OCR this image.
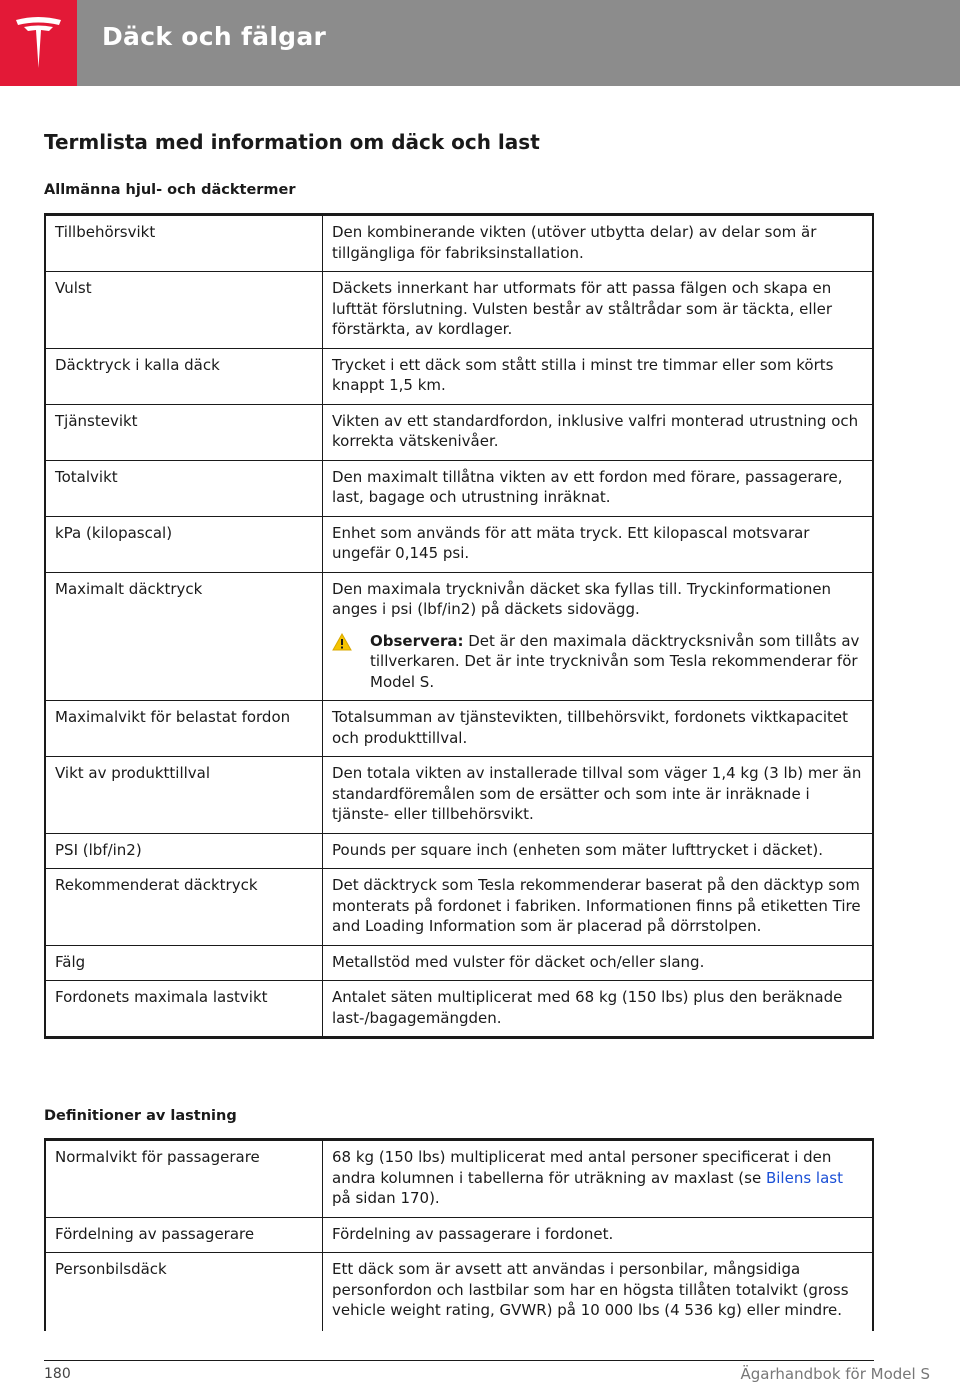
Däck och fälgar
Termlista med information om däck och last
Allmänna hjul- och däcktermer
Tillbehörsvikt	Den kombinerande vikten (utöver utbytta delar) av delar som är tillgängliga för fabriksinstallation.
Vulst	Däckets innerkant har utformats för att passa fälgen och skapa en lufttät förslutning. Vulsten består av ståltrådar som är täckta, eller förstärkta, av kordlager.
Däcktryck i kalla däck	Trycket i ett däck som stått stilla i minst tre timmar eller som körts knappt 1,5 km.
Tjänstevikt	Vikten av ett standardfordon, inklusive valfri monterad utrustning och korrekta vätskenivåer.
Totalvikt	Den maximalt tillåtna vikten av ett fordon med förare, passagerare, last, bagage och utrustning inräknat.
kPa (kilopascal)	Enhet som används för att mäta tryck. Ett kilopascal motsvarar ungefär 0,145 psi.
Maximalt däcktryck	Den maximala trycknivån däcket ska fyllas till. Tryckinformationen anges i psi (lbf/in2) på däckets sidovägg.
Observera: Det är den maximala däcktrycksnivån som tillåts av tillverkaren. Det är inte trycknivån som Tesla rekommenderar för Model S.

Maximalvikt för belastat fordon	Totalsumman av tjänstevikten, tillbehörsvikt, fordonets viktkapacitet och produkttillval.
Vikt av produkttillval	Den totala vikten av installerade tillval som väger 1,4 kg (3 lb) mer än standardföremålen som de ersätter och som inte är inräknade i tjänste- eller tillbehörsvikt.
PSI (lbf/in2)	Pounds per square inch (enheten som mäter lufttrycket i däcket).
Rekommenderat däcktryck	Det däcktryck som Tesla rekommenderar baserat på den däcktyp som monterats på fordonet i fabriken. Informationen finns på etiketten Tire and Loading Information som är placerad på dörrstolpen.
Fälg	Metallstöd med vulster för däcket och/eller slang.
Fordonets maximala lastvikt	Antalet säten multiplicerat med 68 kg (150 lbs) plus den beräknade last-/bagagemängden.
Definitioner av lastning
Normalvikt för passagerare	68 kg (150 lbs) multiplicerat med antal personer specificerat i den andra kolumnen i tabellerna för uträkning av maxlast (se Bilens last på sidan 170).
Fördelning av passagerare	Fördelning av passagerare i fordonet.
Personbilsdäck	Ett däck som är avsett att användas i personbilar, mångsidiga personfordon och lastbilar som har en högsta tillåten totalvikt (gross vehicle weight rating, GVWR) på 10 000 lbs (4 536 kg) eller mindre.
180	Ägarhandbok för Model S
